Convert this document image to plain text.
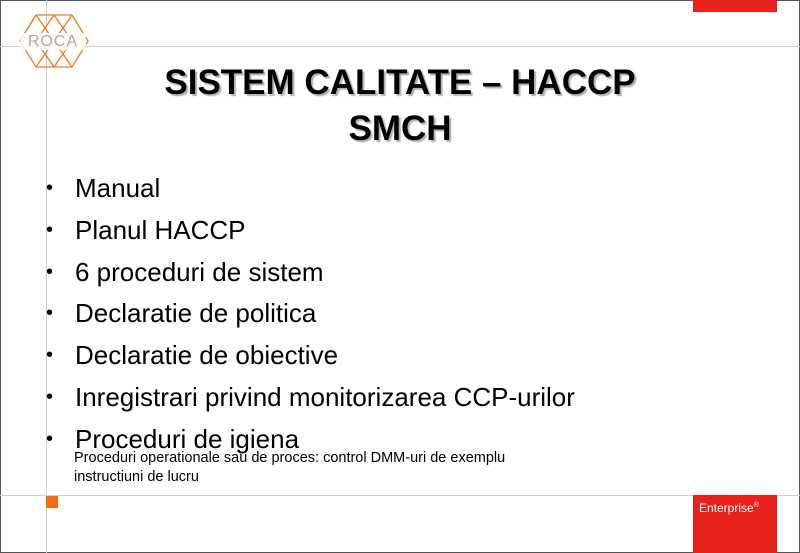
ROCA
SISTEM CALITATE – HACCP
SMCH
• Manual
• Planul HACCP
• 6 proceduri de sistem
• Declaratie de politica
• Declaratie de obiective
• Inregistrari privind monitorizarea CCP-urilor
• Proceduri de igiena
Proceduri operationale sau de proces: control DMM-uri de exemplu
instructiuni de lucru
Enterprise®
